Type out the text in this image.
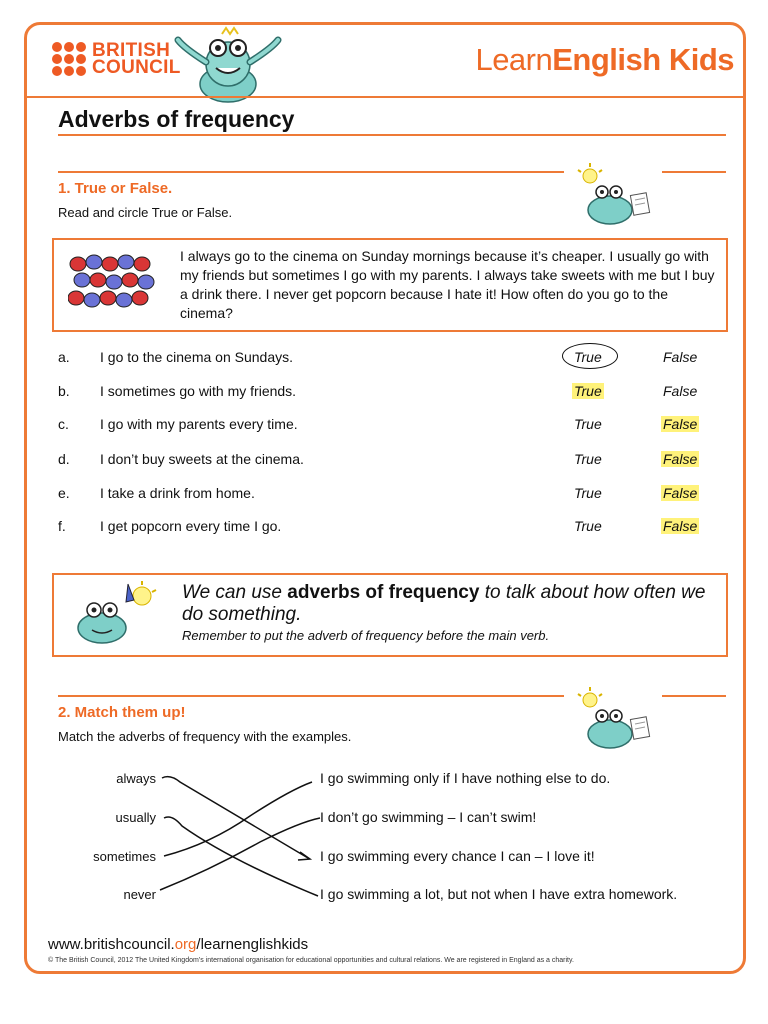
BRITISH
COUNCIL	LearnEnglish Kids
Adverbs of frequency
1. True or False.
Read and circle True or False.
I always go to the cinema on Sunday mornings because it’s cheaper. I usually go with my friends but sometimes I go with my parents. I always take sweets with me but I buy a drink there. I never get popcorn because I hate it! How often do you go to the cinema?
a. I go to the cinema on Sundays.	True	False
b. I sometimes go with my friends.	True	False
c. I go with my parents every time.	True	False
d. I don’t buy sweets at the cinema.	True	False
e. I take a drink from home.	True	False
f. I get popcorn every time I go.	True	False
We can use adverbs of frequency to talk about how often we do something.
Remember to put the adverb of frequency before the main verb.
2. Match them up!
Match the adverbs of frequency with the examples.
always
usually
sometimes
never
I go swimming only if I have nothing else to do.
I don’t go swimming – I can’t swim!
I go swimming every chance I can – I love it!
I go swimming a lot, but not when I have extra homework.
www.britishcouncil.org/learnenglishkids
© The British Council, 2012 The United Kingdom’s international organisation for educational opportunities and cultural relations. We are registered in England as a charity.
